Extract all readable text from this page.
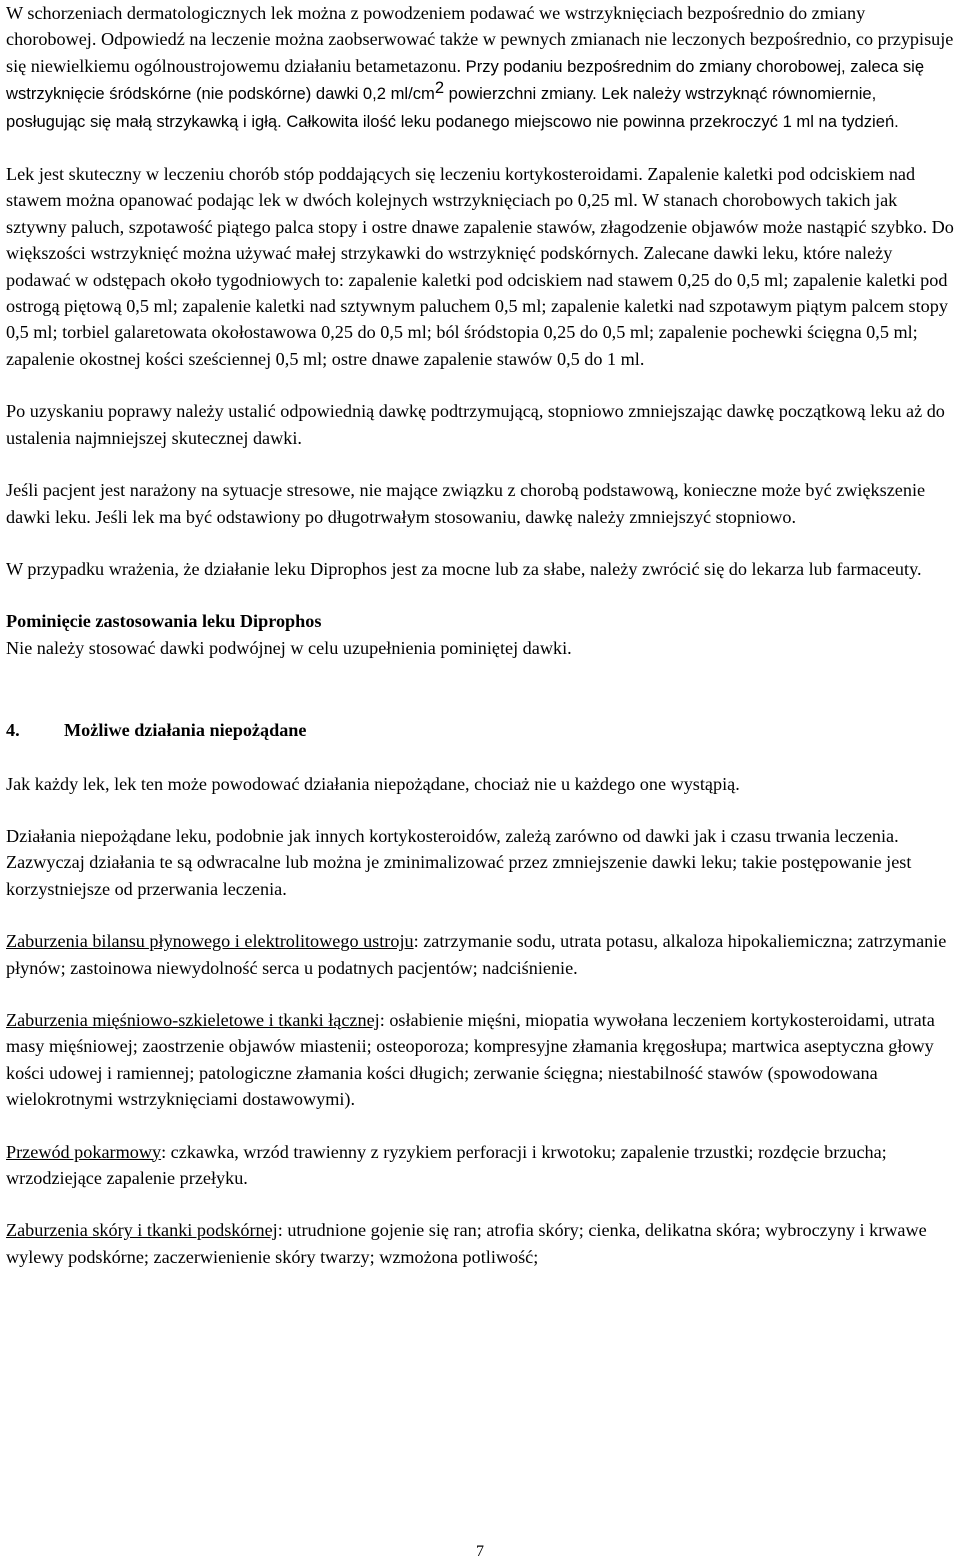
W schorzeniach dermatologicznych lek można z powodzeniem podawać we wstrzyknięciach bezpośrednio do zmiany chorobowej. Odpowiedź na leczenie można zaobserwować także w pewnych zmianach nie leczonych bezpośrednio, co przypisuje się niewielkiemu ogólnoustrojowemu działaniu betametazonu. Przy podaniu bezpośrednim do zmiany chorobowej, zaleca się wstrzyknięcie śródskórne (nie podskórne) dawki 0,2 $ml/cm^2$ powierzchni zmiany. Lek należy wstrzyknąć równomiernie, posługując się małą strzykawką i igłą. Całkowita ilość leku podanego miejscowo nie powinna przekroczyć 1 ml na tydzień.

Lek jest skuteczny w leczeniu chorób stóp poddających się leczeniu kortykosteroidami. Zapalenie kaletki pod odciskiem nad stawem można opanować podając lek w dwóch kolejnych wstrzyknięciach po 0,25 ml. W stanach chorobowych takich jak sztywny paluch, szpotawość piątego palca stopy i ostre dnawe zapalenie stawów, złagodzenie objawów może nastąpić szybko. Do większości wstrzyknięć można używać małej strzykawki do wstrzyknięć podskórnych. Zalecane dawki leku, które należy podawać w odstępach około tygodniowych to: zapalenie kaletki pod odciskiem nad stawem 0,25 do 0,5 ml; zapalenie kaletki pod ostrogą piętową 0,5 ml; zapalenie kaletki nad sztywnym paluchem 0,5 ml; zapalenie kaletki nad szpotawym piątym palcem stopy 0,5 ml; torbiel galaretowata okołostawowa 0,25 do 0,5 ml; ból śródstopia 0,25 do 0,5 ml; zapalenie pochewki ścięgna 0,5 ml; zapalenie okostnej kości sześciennej 0,5 ml; ostre dnawe zapalenie stawów 0,5 do 1 ml.

Po uzyskaniu poprawy należy ustalić odpowiednią dawkę podtrzymującą, stopniowo zmniejszając dawkę początkową leku aż do ustalenia najmniejszej skutecznej dawki.

Jeśli pacjent jest narażony na sytuacje stresowe, nie mające związku z chorobą podstawową, konieczne może być zwiększenie dawki leku. Jeśli lek ma być odstawiony po długotrwałym stosowaniu, dawkę należy zmniejszyć stopniowo.

W przypadku wrażenia, że działanie leku Diprophos jest za mocne lub za słabe, należy zwrócić się do lekarza lub farmaceuty.

Pominięcie zastosowania leku Diprophos

Nie należy stosować dawki podwójnej w celu uzupełnienia pominiętej dawki.

4. Możliwe działania niepożądane

Jak każdy lek, lek ten może powodować działania niepożądane, chociaż nie u każdego one wystąpią.

Działania niepożądane leku, podobnie jak innych kortykosteroidów, zależą zarówno od dawki jak i czasu trwania leczenia. Zazwyczaj działania te są odwracalne lub można je zminimalizować przez zmniejszenie dawki leku; takie postępowanie jest korzystniejsze od przerwania leczenia.

Zaburzenia bilansu płynowego i elektrolitowego ustroju: zatrzymanie sodu, utrata potasu, alkaloza hipokaliemiczna; zatrzymanie płynów; zastoinowa niewydolność serca u podatnych pacjentów; nadciśnienie.

Zaburzenia mięśniowo-szkieletowe i tkanki łącznej: osłabienie mięśni, miopatia wywołana leczeniem kortykosteroidami, utrata masy mięśniowej; zaostrzenie objawów miastenii; osteoporoza; kompresyjne złamania kręgosłupa; martwica aseptyczna głowy kości udowej i ramiennej; patologiczne złamania kości długich; zerwanie ścięgna; niestabilność stawów (spowodowana wielokrotnymi wstrzyknięciami dostawowymi).

Przewód pokarmowy: czkawka, wrzód trawienny z ryzykiem perforacji i krwotoku; zapalenie trzustki; rozdęcie brzucha; wrzodziejące zapalenie przełyku.

Zaburzenia skóry i tkanki podskórnej: utrudnione gojenie się ran; atrofia skóry; cienka, delikatna skóra; wybroczyny i krwawe wylewy podskórne; zaczerwienienie skóry twarzy; wzmożona potliwość;

7
